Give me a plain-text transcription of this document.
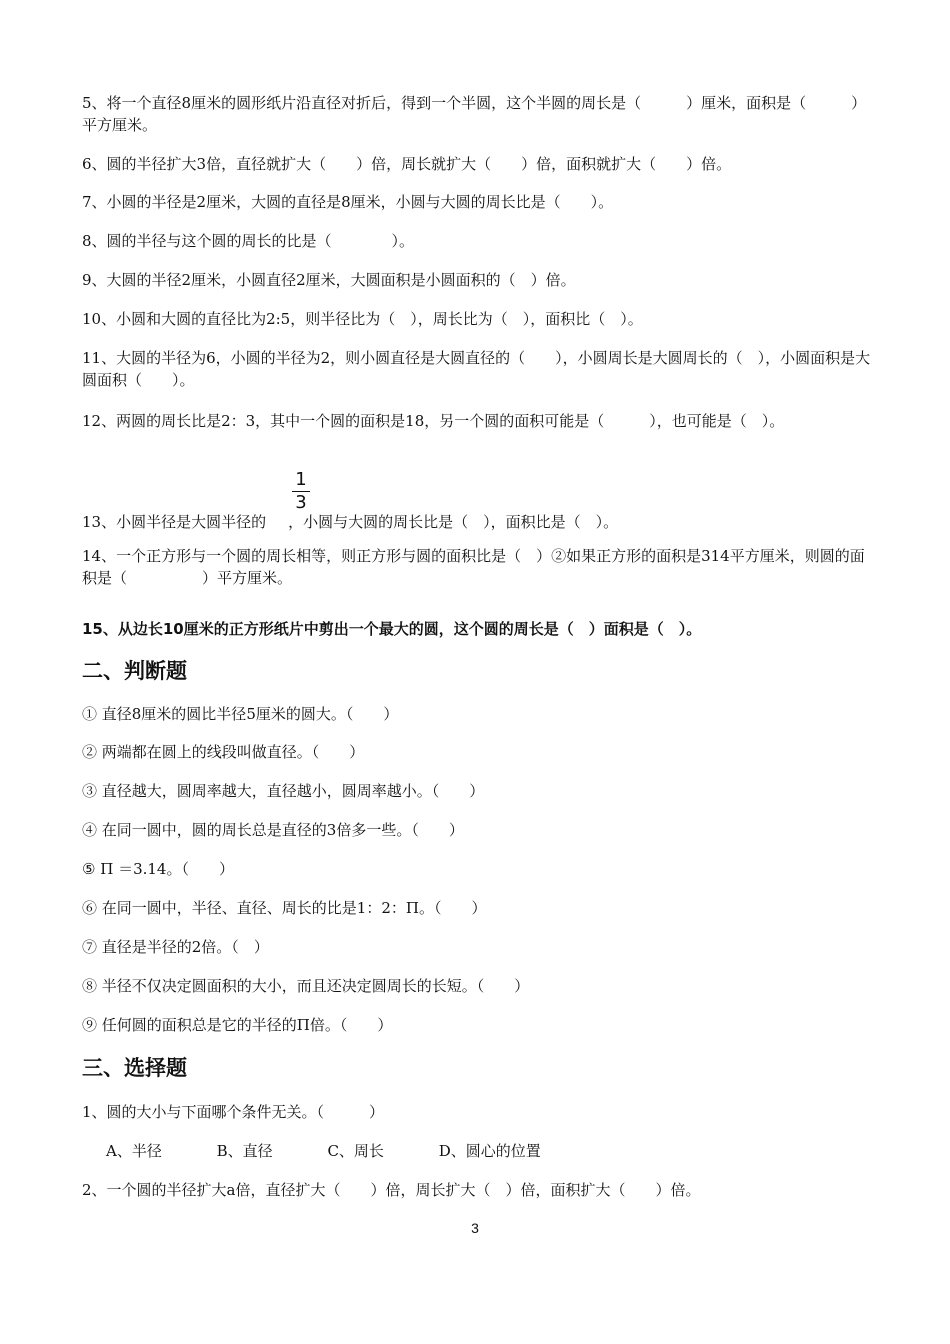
5、将一个直径8厘米的圆形纸片沿直径对折后，得到一个半圆，这个半圆的周长是（　　　）厘米，面积是（　　　）平方厘米。
6、圆的半径扩大3倍，直径就扩大（　　）倍，周长就扩大（　　）倍，面积就扩大（　　）倍。
7、小圆的半径是2厘米，大圆的直径是8厘米，小圆与大圆的周长比是（　　）。
8、圆的半径与这个圆的周长的比是（　　　　）。
9、大圆的半径2厘米，小圆直径2厘米，大圆面积是小圆面积的（　）倍。
10、小圆和大圆的直径比为2:5，则半径比为（　），周长比为（　），面积比（　）。
11、大圆的半径为6，小圆的半径为2，则小圆直径是大圆直径的（　　），小圆周长是大圆周长的（　），小圆面积是大圆面积（　　）。
12、两圆的周长比是2：3，其中一个圆的面积是18，另一个圆的面积可能是（　　　），也可能是（　）。
1
3
13、小圆半径是大圆半径的 ，小圆与大圆的周长比是（　），面积比是（　）。
14、一个正方形与一个圆的周长相等，则正方形与圆的面积比是（　）②如果正方形的面积是314平方厘米，则圆的面积是（　　　　　）平方厘米。
15、从边长10厘米的正方形纸片中剪出一个最大的圆，这个圆的周长是（　）面积是（　）。
二、判断题
① 直径8厘米的圆比半径5厘米的圆大。（　　）
② 两端都在圆上的线段叫做直径。（　　）
③ 直径越大，圆周率越大，直径越小，圆周率越小。（　　）
④ 在同一圆中，圆的周长总是直径的3倍多一些。（　　）
⑤ Π ＝3.14。（　　）
⑥ 在同一圆中，半径、直径、周长的比是1：2：Π。（　　）
⑦ 直径是半径的2倍。（　）
⑧ 半径不仅决定圆面积的大小，而且还决定圆周长的长短。（　　）
⑨ 任何圆的面积总是它的半径的Π倍。（　　）
三、选择题
1、圆的大小与下面哪个条件无关。（　　　）
A、半径	B、直径	C、周长	D、圆心的位置
2、一个圆的半径扩大a倍，直径扩大（　　）倍，周长扩大（　）倍，面积扩大（　　）倍。
3
